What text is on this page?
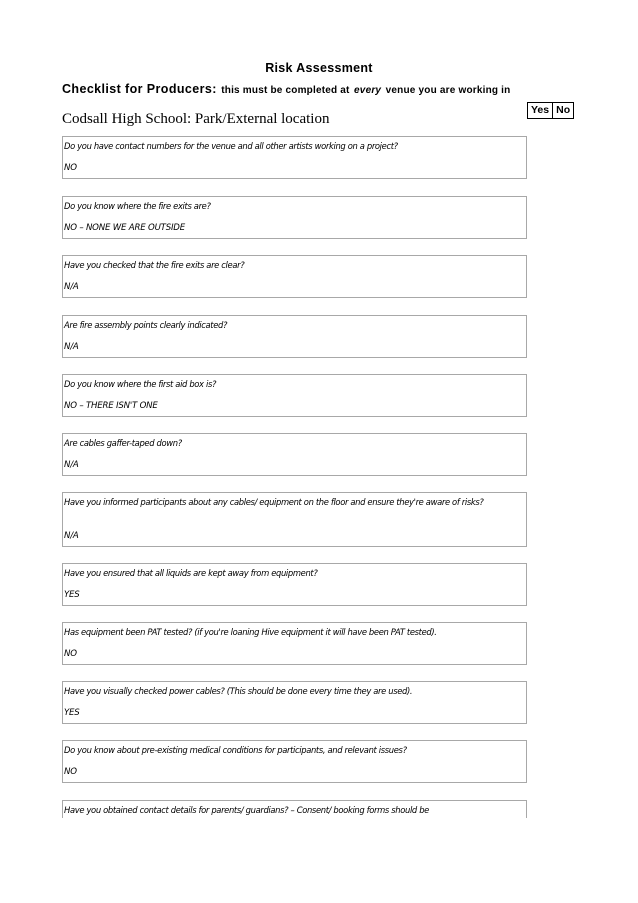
Risk Assessment
Checklist for Producers: this must be completed at every venue you are working in
Yes No
Codsall High School: Park/External location
Do you have contact numbers for the venue and all other artists working on a project?
NO
Do you know where the fire exits are?
NO – NONE WE ARE OUTSIDE
Have you checked that the fire exits are clear?
N/A
Are fire assembly points clearly indicated?
N/A
Do you know where the first aid box is?
NO – THERE ISN'T ONE
Are cables gaffer-taped down?
N/A
Have you informed participants about any cables/ equipment on the floor and ensure they're aware of risks?
N/A
Have you ensured that all liquids are kept away from equipment?
YES
Has equipment been PAT tested? (if you're loaning Hive equipment it will have been PAT tested).
NO
Have you visually checked power cables? (This should be done every time they are used).
YES
Do you know about pre-existing medical conditions for participants, and relevant issues?
NO
Have you obtained contact details for parents/ guardians? – Consent/ booking forms should be
